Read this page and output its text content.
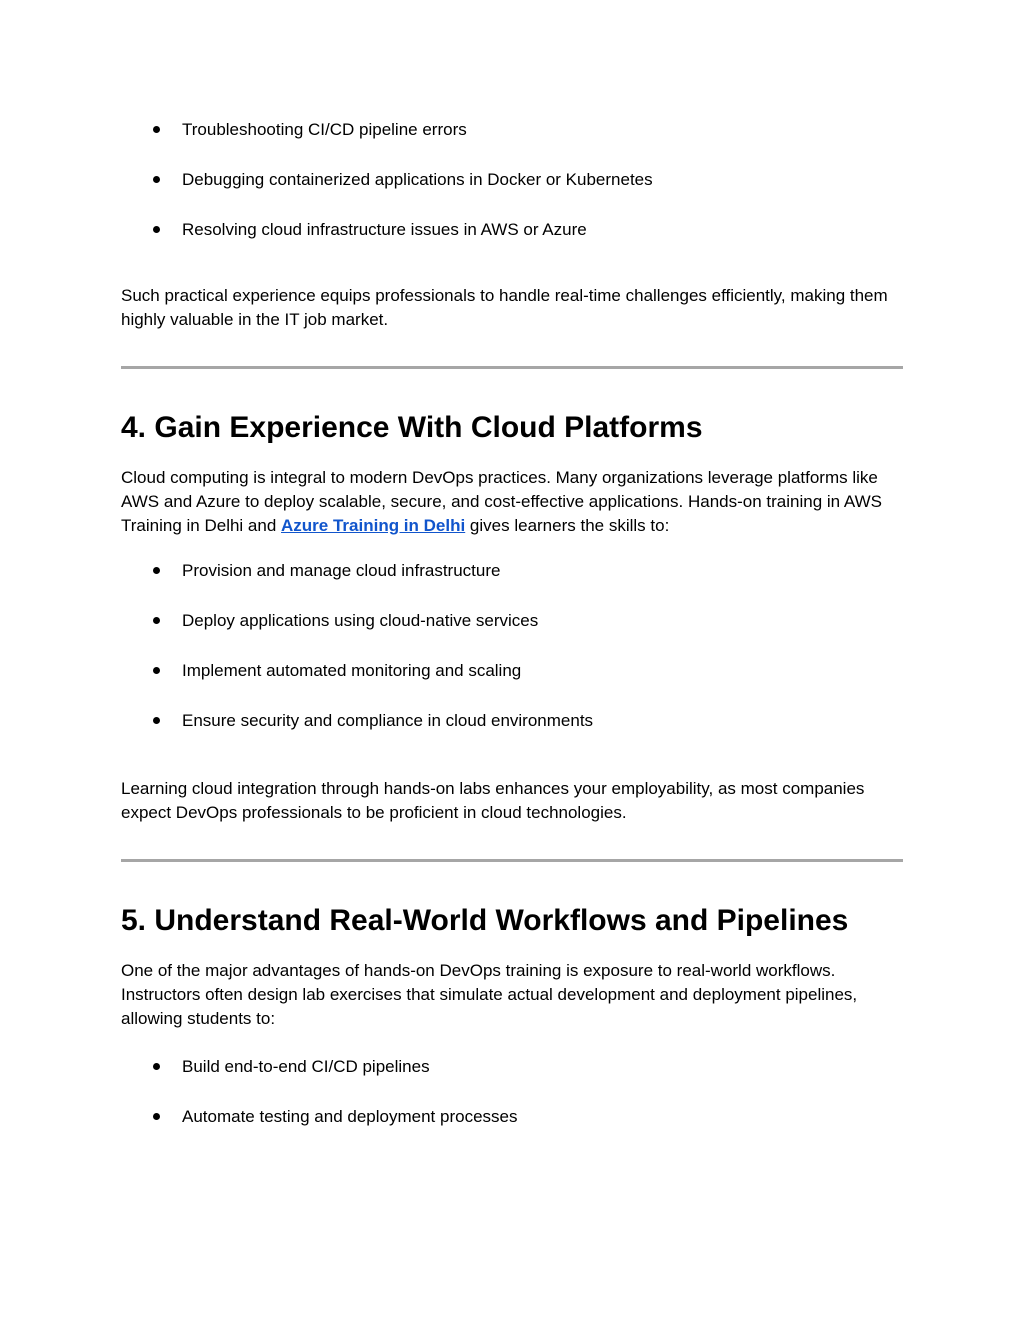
Troubleshooting CI/CD pipeline errors
Debugging containerized applications in Docker or Kubernetes
Resolving cloud infrastructure issues in AWS or Azure

Such practical experience equips professionals to handle real-time challenges efficiently, making them highly valuable in the IT job market.

4. Gain Experience With Cloud Platforms

Cloud computing is integral to modern DevOps practices. Many organizations leverage platforms like AWS and Azure to deploy scalable, secure, and cost-effective applications. Hands-on training in AWS Training in Delhi and Azure Training in Delhi gives learners the skills to:

Provision and manage cloud infrastructure
Deploy applications using cloud-native services
Implement automated monitoring and scaling
Ensure security and compliance in cloud environments

Learning cloud integration through hands-on labs enhances your employability, as most companies expect DevOps professionals to be proficient in cloud technologies.

5. Understand Real-World Workflows and Pipelines

One of the major advantages of hands-on DevOps training is exposure to real-world workflows. Instructors often design lab exercises that simulate actual development and deployment pipelines, allowing students to:

Build end-to-end CI/CD pipelines
Automate testing and deployment processes
